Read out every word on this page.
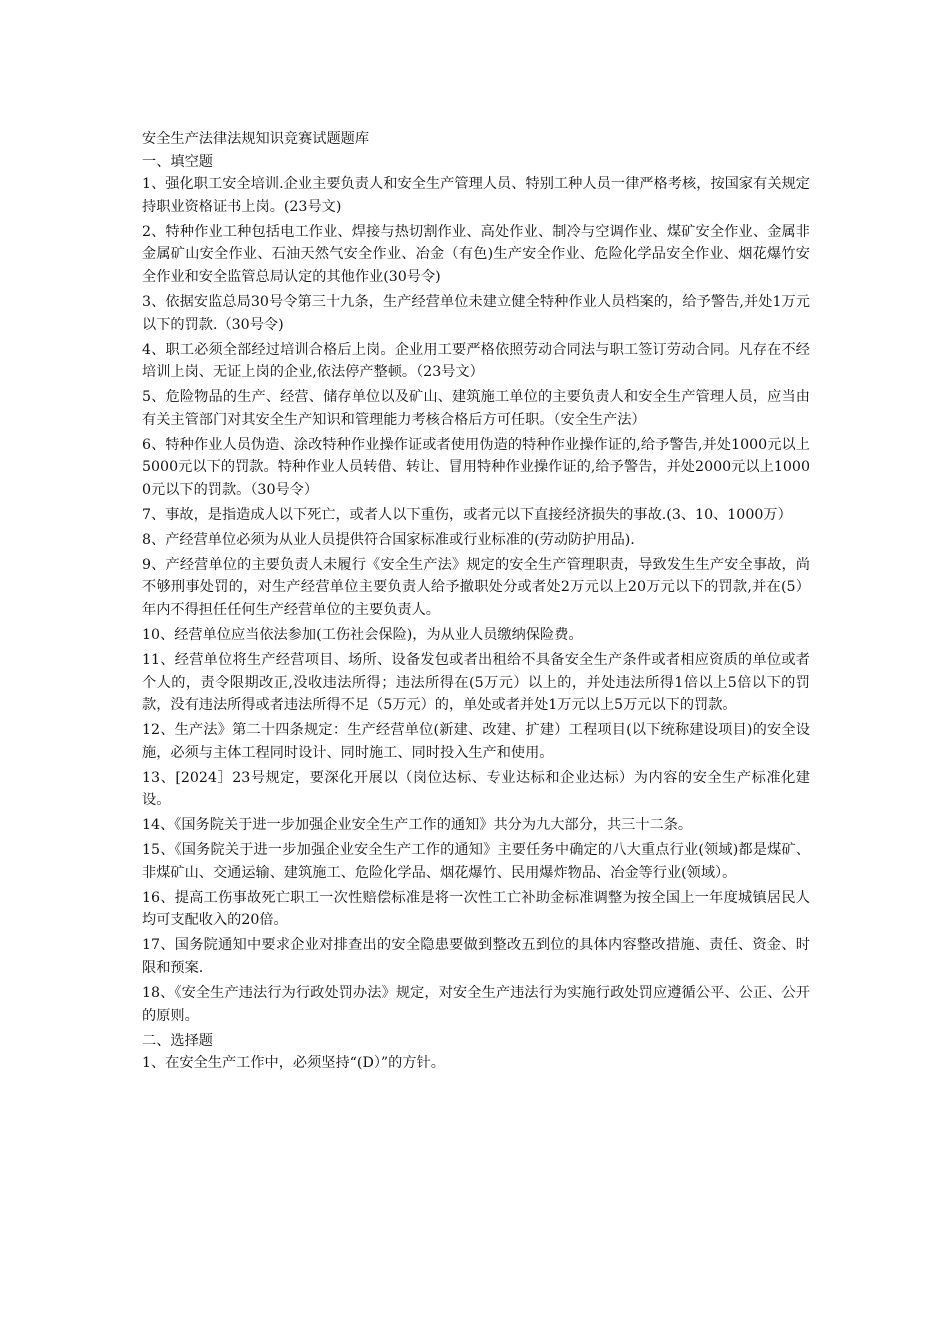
安全生产法律法规知识竞赛试题题库

一、填空题

1、强化职工安全培训.企业主要负责人和安全生产管理人员、特别工种人员一律严格考核，按国家有关规定持职业资格证书上岗。(23号文)

2、特种作业工种包括电工作业、焊接与热切割作业、高处作业、制冷与空调作业、煤矿安全作业、金属非金属矿山安全作业、石油天然气安全作业、冶金（有色)生产安全作业、危险化学品安全作业、烟花爆竹安全作业和安全监管总局认定的其他作业(30号令)

3、依据安监总局30号令第三十九条，生产经营单位未建立健全特种作业人员档案的，给予警告,并处1万元以下的罚款.（30号令)

4、职工必须全部经过培训合格后上岗。企业用工要严格依照劳动合同法与职工签订劳动合同。凡存在不经培训上岗、无证上岗的企业,依法停产整顿。（23号文）

5、危险物品的生产、经营、储存单位以及矿山、建筑施工单位的主要负责人和安全生产管理人员，应当由有关主管部门对其安全生产知识和管理能力考核合格后方可任职。（安全生产法）

6、特种作业人员伪造、涂改特种作业操作证或者使用伪造的特种作业操作证的,给予警告,并处1000元以上5000元以下的罚款。特种作业人员转借、转让、冒用特种作业操作证的,给予警告，并处2000元以上10000元以下的罚款。（30号令）

7、事故，是指造成人以下死亡，或者人以下重伤，或者元以下直接经济损失的事故.(3、10、1000万）

8、产经营单位必须为从业人员提供符合国家标准或行业标准的(劳动防护用品).

9、产经营单位的主要负责人未履行《安全生产法》规定的安全生产管理职责，导致发生生产安全事故，尚不够刑事处罚的，对生产经营单位主要负责人给予撤职处分或者处2万元以上20万元以下的罚款,并在(5）年内不得担任任何生产经营单位的主要负责人。

10、经营单位应当依法参加(工伤社会保险)，为从业人员缴纳保险费。

11、经营单位将生产经营项目、场所、设备发包或者出租给不具备安全生产条件或者相应资质的单位或者个人的，责令限期改正,没收违法所得；违法所得在(5万元）以上的，并处违法所得1倍以上5倍以下的罚款，没有违法所得或者违法所得不足（5万元）的，单处或者并处1万元以上5万元以下的罚款。

12、生产法》第二十四条规定：生产经营单位(新建、改建、扩建）工程项目(以下统称建设项目)的安全设施，必须与主体工程同时设计、同时施工、同时投入生产和使用。

13、[2024］23号规定，要深化开展以（岗位达标、专业达标和企业达标）为内容的安全生产标准化建设。

14、《国务院关于进一步加强企业安全生产工作的通知》共分为九大部分，共三十二条。

15、《国务院关于进一步加强企业安全生产工作的通知》主要任务中确定的八大重点行业(领域)都是煤矿、非煤矿山、交通运输、建筑施工、危险化学品、烟花爆竹、民用爆炸物品、冶金等行业(领域）。

16、提高工伤事故死亡职工一次性赔偿标准是将一次性工亡补助金标准调整为按全国上一年度城镇居民人均可支配收入的20倍。

17、国务院通知中要求企业对排查出的安全隐患要做到整改五到位的具体内容整改措施、责任、资金、时限和预案.

18、《安全生产违法行为行政处罚办法》规定，对安全生产违法行为实施行政处罚应遵循公平、公正、公开的原则。

二、选择题

1、在安全生产工作中，必须坚持“(D）”的方针。
